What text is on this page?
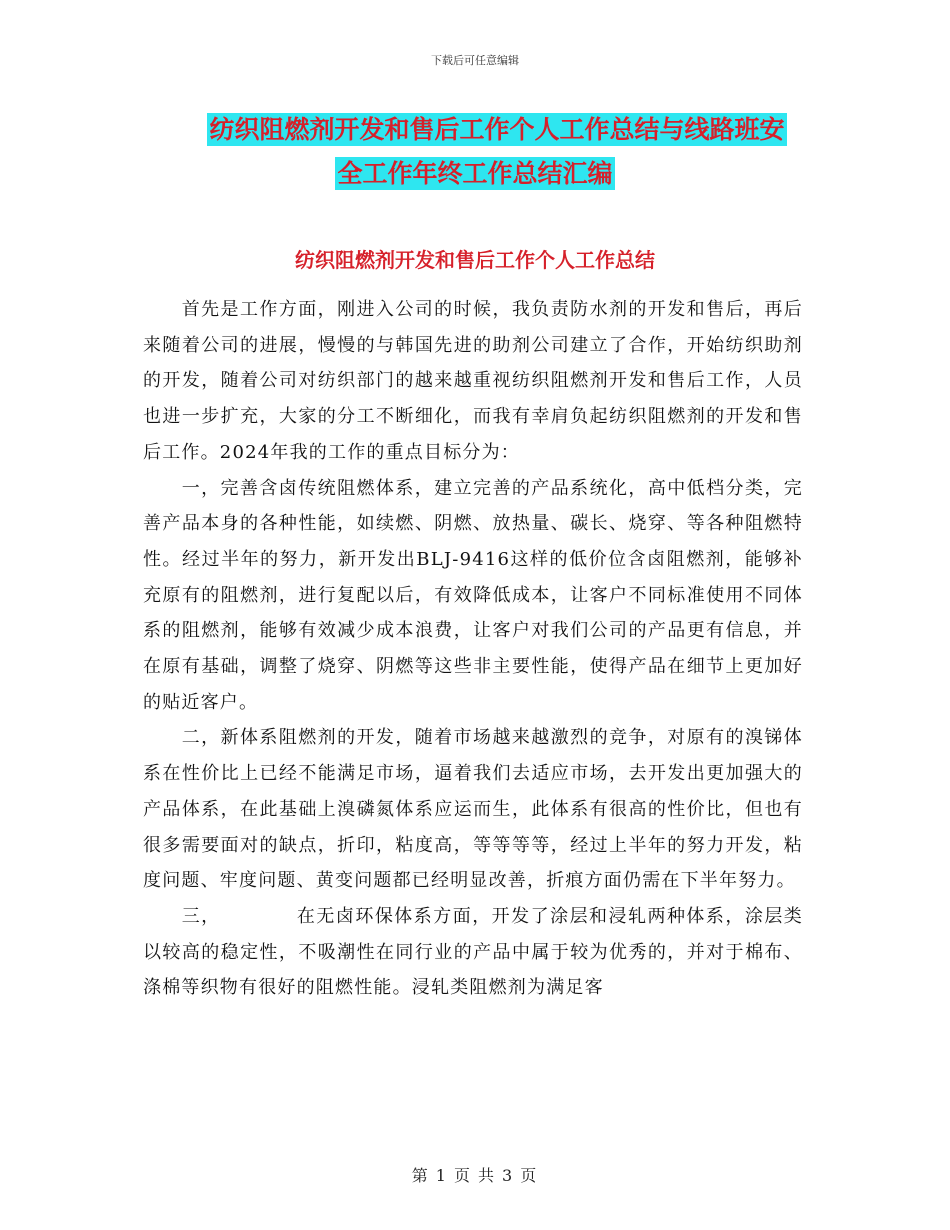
下载后可任意编辑
纺织阻燃剂开发和售后工作个人工作总结与线路班安
全工作年终工作总结汇编
纺织阻燃剂开发和售后工作个人工作总结

首先是工作方面，刚进入公司的时候，我负责防水剂的开发和售后，再后来随着公司的进展，慢慢的与韩国先进的助剂公司建立了合作，开始纺织助剂的开发，随着公司对纺织部门的越来越重视纺织阻燃剂开发和售后工作，人员也进一步扩充，大家的分工不断细化，而我有幸肩负起纺织阻燃剂的开发和售后工作。2024年我的工作的重点目标分为：

一，完善含卤传统阻燃体系，建立完善的产品系统化，高中低档分类，完善产品本身的各种性能，如续燃、阴燃、放热量、碳长、烧穿、等各种阻燃特性。经过半年的努力，新开发出BLJ-9416这样的低价位含卤阻燃剂，能够补充原有的阻燃剂，进行复配以后，有效降低成本，让客户不同标准使用不同体系的阻燃剂，能够有效减少成本浪费，让客户对我们公司的产品更有信息，并在原有基础，调整了烧穿、阴燃等这些非主要性能，使得产品在细节上更加好的贴近客户。

二，新体系阻燃剂的开发，随着市场越来越激烈的竞争，对原有的溴锑体系在性价比上已经不能满足市场，逼着我们去适应市场，去开发出更加强大的产品体系，在此基础上溴磷氮体系应运而生，此体系有很高的性价比，但也有很多需要面对的缺点，折印，粘度高，等等等等，经过上半年的努力开发，粘度问题、牢度问题、黄变问题都已经明显改善，折痕方面仍需在下半年努力。

三，	在无卤环保体系方面，开发了涂层和浸轧两种体系，涂层类以较高的稳定性，不吸潮性在同行业的产品中属于较为优秀的，并对于棉布、涤棉等织物有很好的阻燃性能。浸轧类阻燃剂为满足客

第 1 页 共 3 页
